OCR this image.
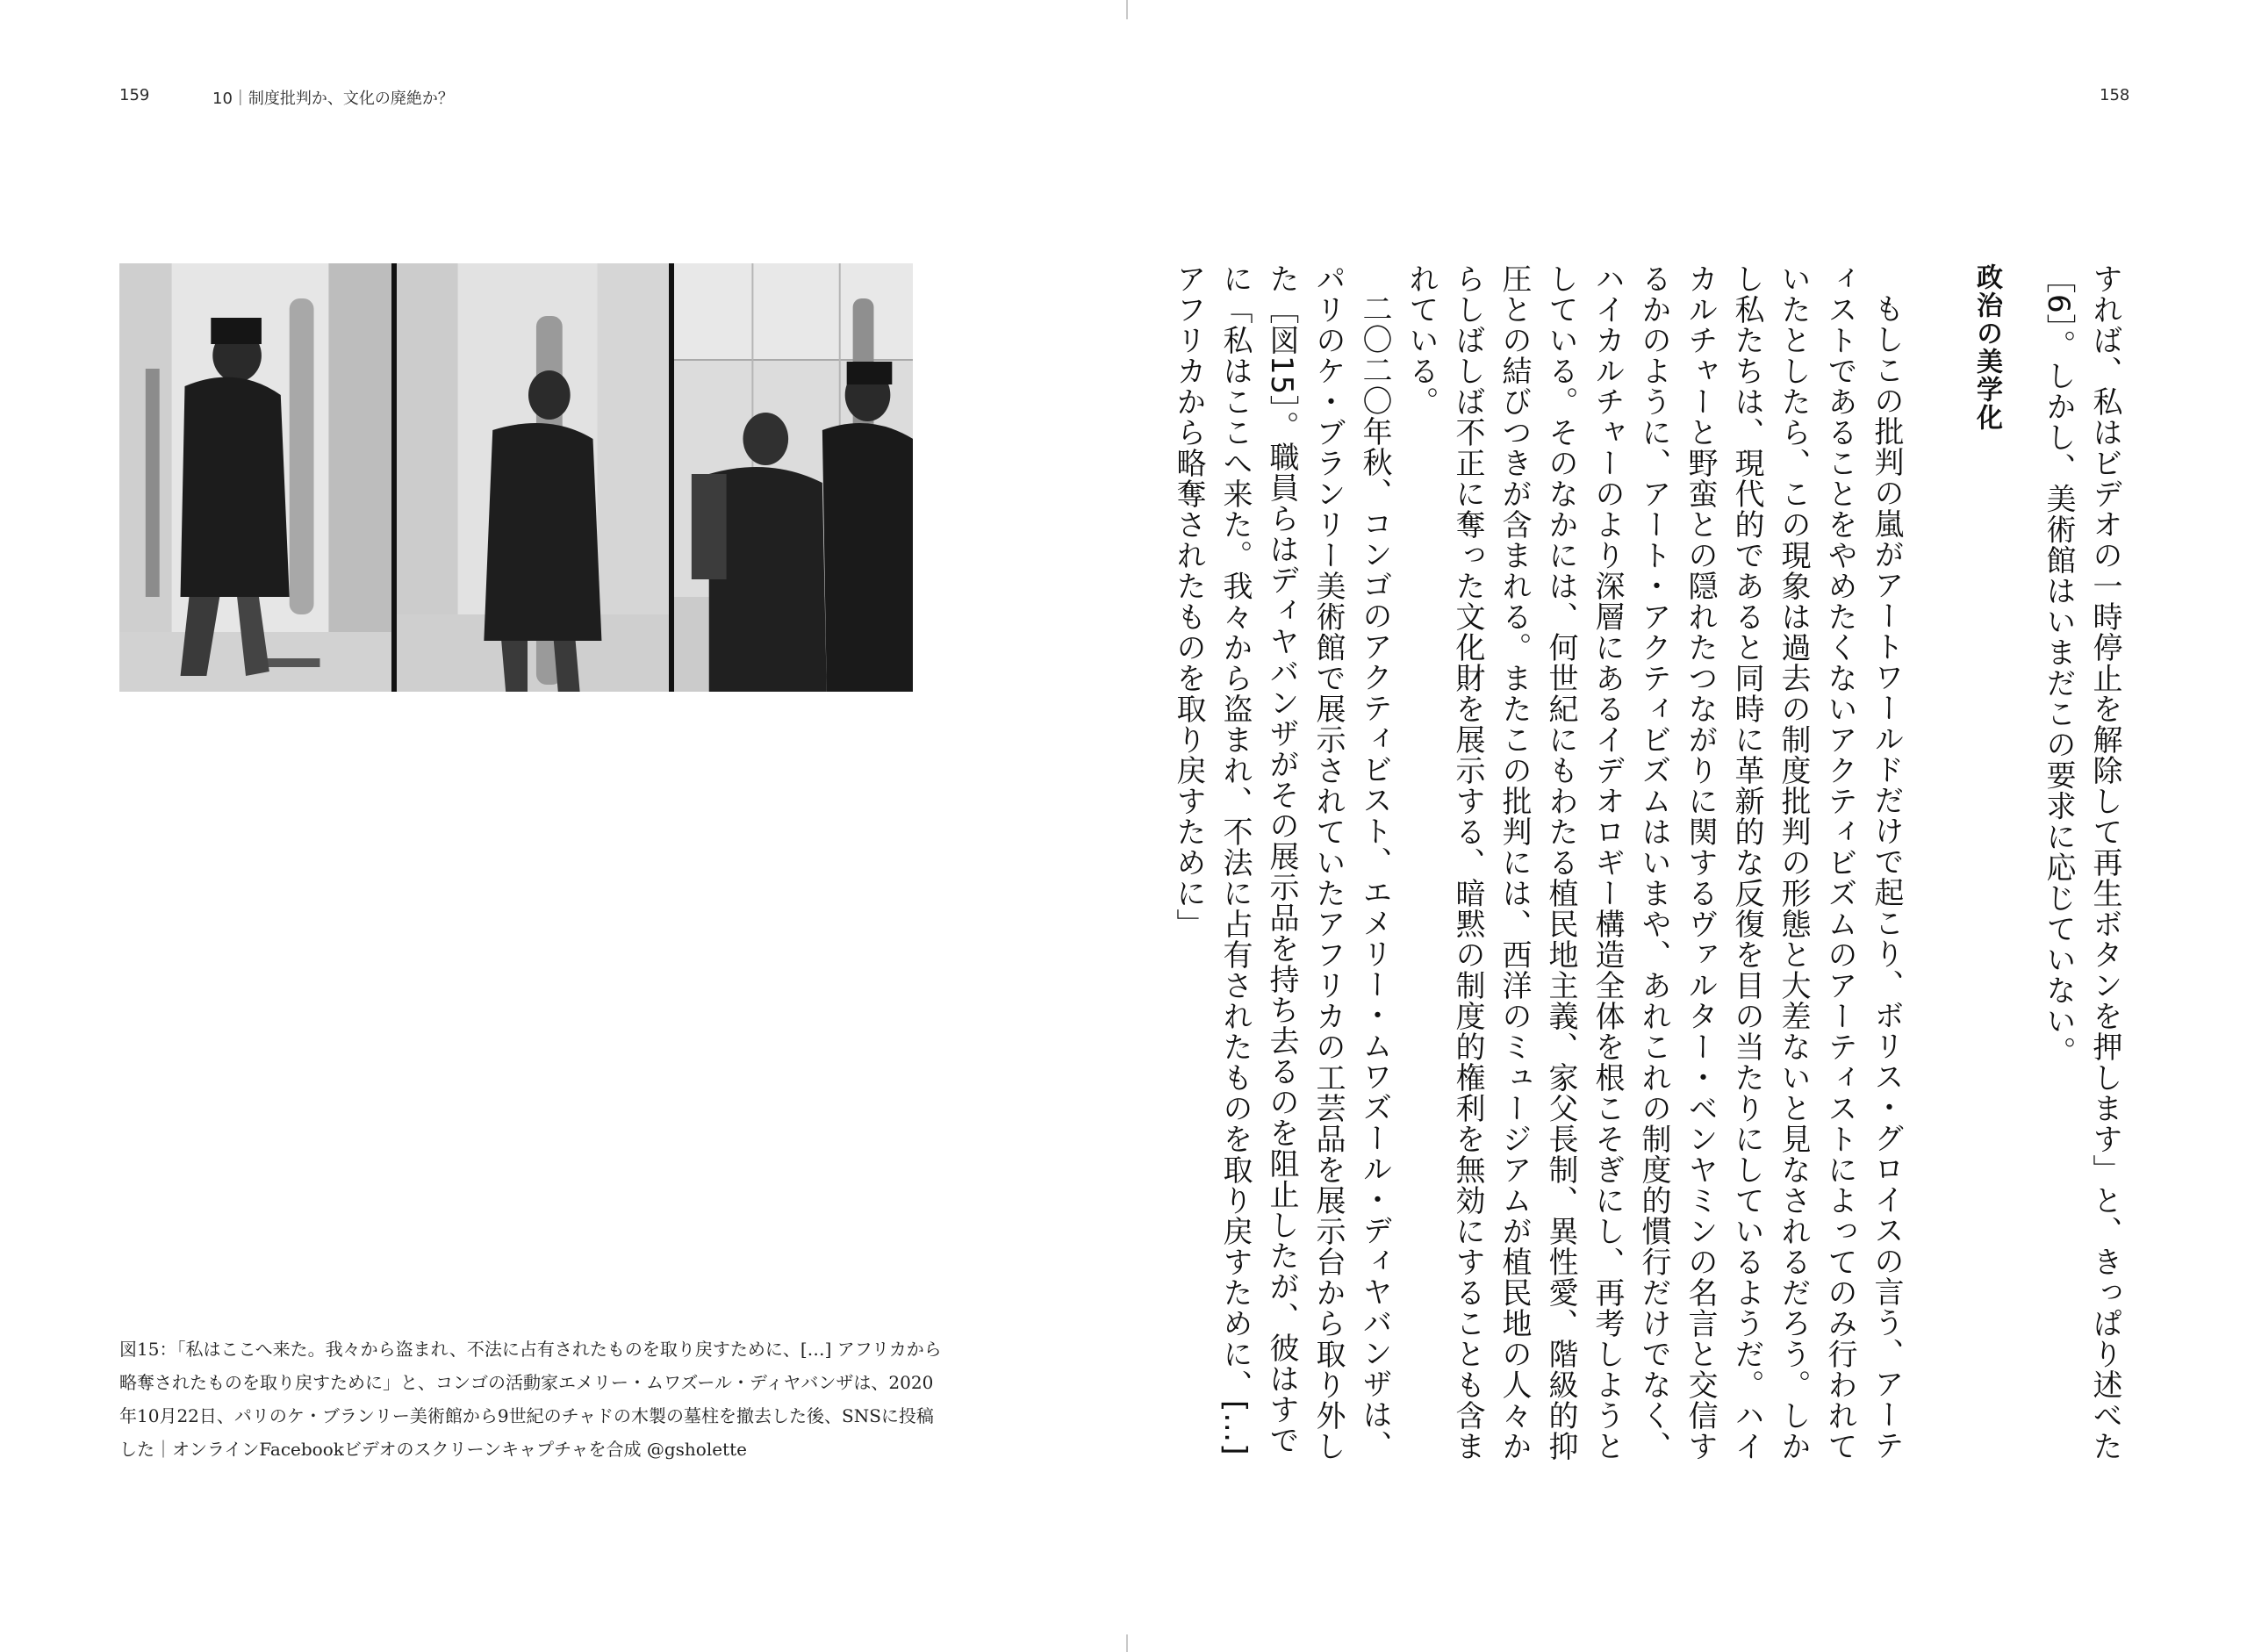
159	10｜制度批判か、文化の廃絶か？	158
図15：「私はここへ来た。我々から盗まれ、不法に占有されたものを取り戻すために、[…] アフリカから略奪されたものを取り戻すために」と、コンゴの活動家エメリー・ムワズール・ディヤバンザは、2020年10月22日、パリのケ・ブランリー美術館から9世紀のチャドの木製の墓柱を撤去した後、SNSに投稿した｜オンラインFacebookビデオのスクリーンキャプチャを合成 @gsholette	すれば、私はビデオの一時停止を解除して再生ボタンを押します」と、きっぱり述べた［6］。しかし、美術館はいまだこの要求に応じていない。
政治の美学化
もしこの批判の嵐がアートワールドだけで起こり、ボリス・グロイスの言う、アーティストであることをやめたくないアクティビズムのアーティストによってのみ行われていたとしたら、この現象は過去の制度批判の形態と大差ないと見なされるだろう。しかし私たちは、現代的であると同時に革新的な反復を目の当たりにしているようだ。ハイカルチャーと野蛮との隠れたつながりに関するヴァルター・ベンヤミンの名言と交信するかのように、アート・アクティビズムはいまや、あれこれの制度的慣行だけでなく、ハイカルチャーのより深層にあるイデオロギー構造全体を根こそぎにし、再考しようとしている。そのなかには、何世紀にもわたる植民地主義、家父長制、異性愛、階級的抑圧との結びつきが含まれる。またこの批判には、西洋のミュージアムが植民地の人々からしばしば不正に奪った文化財を展示する、暗黙の制度的権利を無効にすることも含まれている。
二〇二〇年秋、コンゴのアクティビスト、エメリー・ムワズール・ディヤバンザは、パリのケ・ブランリー美術館で展示されていたアフリカの工芸品を展示台から取り外した［図15］。職員らはディヤバンザがその展示品を持ち去るのを阻止したが、彼はすでに「私はここへ来た。我々から盗まれ、不法に占有されたものを取り戻すために、[…] アフリカから略奪されたものを取り戻すために」
